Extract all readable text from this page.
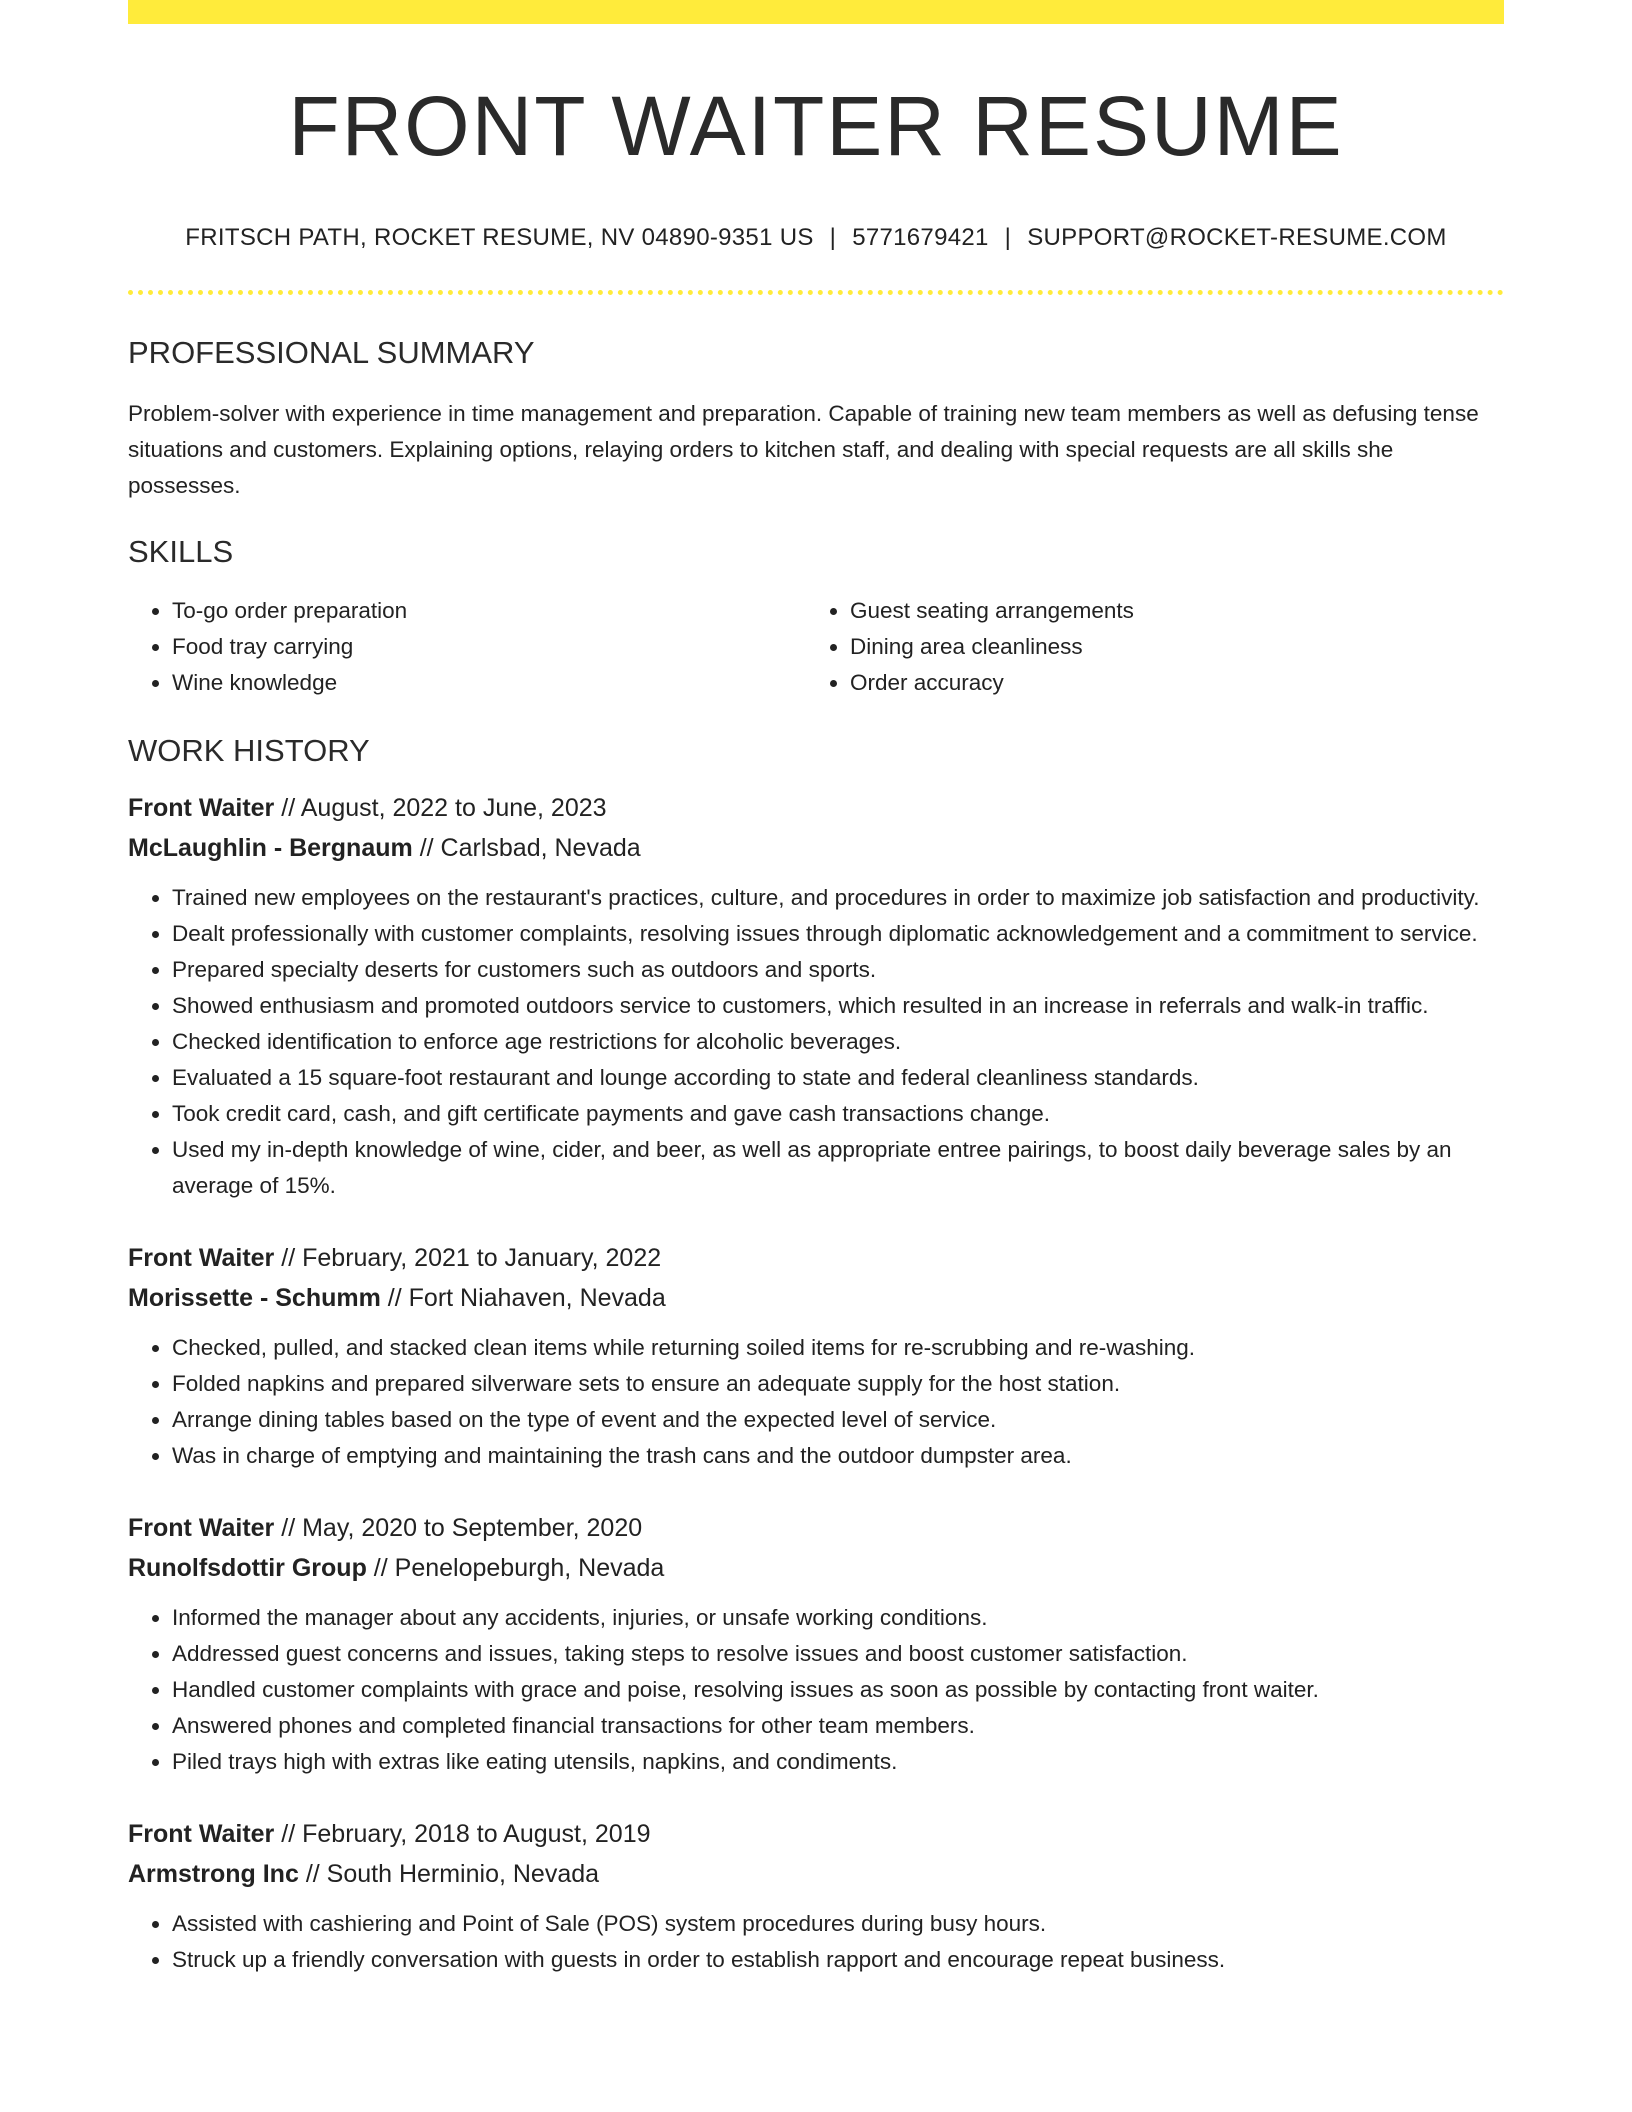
FRONT WAITER RESUME
FRITSCH PATH, ROCKET RESUME, NV 04890-9351 US | 5771679421 | SUPPORT@ROCKET-RESUME.COM
PROFESSIONAL SUMMARY

Problem-solver with experience in time management and preparation. Capable of training new team members as well as defusing tense situations and customers. Explaining options, relaying orders to kitchen staff, and dealing with special requests are all skills she possesses.

SKILLS
• To-go order preparation
• Food tray carrying
• Wine knowledge
• Guest seating arrangements
• Dining area cleanliness
• Order accuracy
WORK HISTORY
Front Waiter // August, 2022 to June, 2023
McLaughlin - Bergnaum // Carlsbad, Nevada
• Trained new employees on the restaurant's practices, culture, and procedures in order to maximize job satisfaction and productivity.
• Dealt professionally with customer complaints, resolving issues through diplomatic acknowledgement and a commitment to service.
• Prepared specialty deserts for customers such as outdoors and sports.
• Showed enthusiasm and promoted outdoors service to customers, which resulted in an increase in referrals and walk-in traffic.
• Checked identification to enforce age restrictions for alcoholic beverages.
• Evaluated a 15 square-foot restaurant and lounge according to state and federal cleanliness standards.
• Took credit card, cash, and gift certificate payments and gave cash transactions change.
• Used my in-depth knowledge of wine, cider, and beer, as well as appropriate entree pairings, to boost daily beverage sales by an average of 15%.
Front Waiter // February, 2021 to January, 2022
Morissette - Schumm // Fort Niahaven, Nevada
• Checked, pulled, and stacked clean items while returning soiled items for re-scrubbing and re-washing.
• Folded napkins and prepared silverware sets to ensure an adequate supply for the host station.
• Arrange dining tables based on the type of event and the expected level of service.
• Was in charge of emptying and maintaining the trash cans and the outdoor dumpster area.
Front Waiter // May, 2020 to September, 2020
Runolfsdottir Group // Penelopeburgh, Nevada
• Informed the manager about any accidents, injuries, or unsafe working conditions.
• Addressed guest concerns and issues, taking steps to resolve issues and boost customer satisfaction.
• Handled customer complaints with grace and poise, resolving issues as soon as possible by contacting front waiter.
• Answered phones and completed financial transactions for other team members.
• Piled trays high with extras like eating utensils, napkins, and condiments.
Front Waiter // February, 2018 to August, 2019
Armstrong Inc // South Herminio, Nevada
• Assisted with cashiering and Point of Sale (POS) system procedures during busy hours.
• Struck up a friendly conversation with guests in order to establish rapport and encourage repeat business.
